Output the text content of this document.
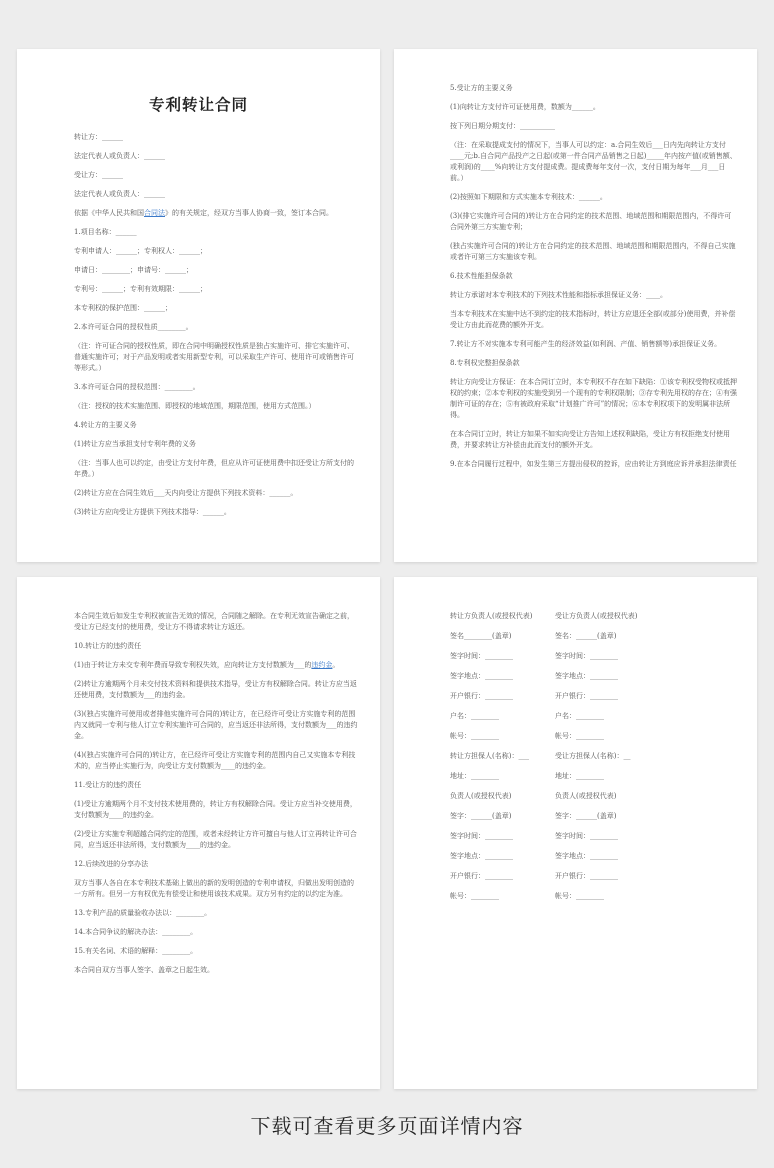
专利转让合同
转让方：______
法定代表人或负责人：______
受让方：______
法定代表人或负责人：______
依据《中华人民共和国合同法》的有关规定，经双方当事人协商一致，签订本合同。
1.项目名称：______
专利申请人：______；专利权人：______；
申请日：________；申请号：______；
专利号：______；专利有效期限：______；
本专利权的保护范围：______；
2.本许可证合同的授权性质________。
（注：许可证合同的授权性质，即在合同中明确授权性质是独占实施许可、排它实施许可、普通实施许可；对于产品发明或者实用新型专利，可以采取生产许可、使用许可或销售许可等形式。）
3.本许可证合同的授权范围：________。
（注：授权的技术实施范围、即授权的地域范围，期限范围，使用方式范围。）
4.转让方的主要义务
(1)转让方应当承担支付专利年费的义务
（注：当事人也可以约定，由受让方支付年费，但应从许可证使用费中扣还受让方所支付的年费。）
(2)转让方应在合同生效后___天内向受让方提供下列技术资料：______。
(3)转让方应向受让方提供下列技术指导：______。
5.受让方的主要义务
(1)向转让方支付许可证使用费，数额为______。
按下列日期分期支付：__________
（注：在采取提成支付的情况下，当事人可以约定：a.合同生效后___日内先向转让方支付____元;b.自合同产品投产之日起(或第一件合同产品销售之日起)_____年内按产值(或销售额、或利润)的____%向转让方支付提成费。提成费每年支付一次，支付日期为每年___月___日前。）
(2)按照如下期限和方式实施本专利技术：______。
(3)(排它实施许可合同的)转让方在合同约定的技术范围、地域范围和期限范围内，不得许可合同外第三方实施专利；
(独占实施许可合同的)转让方在合同约定的技术范围、地域范围和期限范围内，不得自己实施或者许可第三方实施该专利。
6.技术性能担保条款
转让方承诺对本专利技术的下列技术性能和指标承担保证义务：____。
当本专利技术在实施中达不到约定的技术指标时，转让方应退还全部(或部分)使用费，并补偿受让方由此而花费的额外开支。
7.转让方不对实施本专利可能产生的经济效益(如利润、产值、销售额等)承担保证义务。
8.专利权完整担保条款
转让方向受让方保证：在本合同订立时，本专利权不存在如下缺陷：①该专利权受物权或抵押权的约束；②本专利权的实施受到另一个现有的专利权限制；③存专利先用权的存在；④有强制许可证的存在；⑤有被政府采取“计划推广许可”的情况；⑥本专利权项下的发明属非法所得。
在本合同订立时，转让方如果不如实向受让方告知上述权利缺陷，受让方有权拒绝支付使用费，并要求转让方补偿由此而支付的额外开支。
9.在本合同履行过程中，如发生第三方提出侵权的控诉，应由转让方到庭应诉并承担法律责任
本合同生效后如发生专利权被宣告无效的情况，合同随之解除。在专利无效宣告确定之前，受让方已经支付的使用费，受让方不得请求转让方返还。
10.转让方的违约责任
(1)由于转让方未交专利年费而导致专利权失效，应向转让方支付数额为___的违约金。
(2)转让方逾期两个月未交付技术资料和提供技术指导，受让方有权解除合同。转让方应当返还使用费，支付数额为___的违约金。
(3)(独占实施许可使用或者排他实施许可合同的)转让方，在已经许可受让方实施专利的范围内又就同一专利与他人订立专利实施许可合同的，应当返还非法所得，支付数额为___的违约金。
(4)(独占实施许可合同的)转让方，在已经许可受让方实施专利的范围内自己又实施本专利技术的，应当停止实施行为，向受让方支付数额为____的违约金。
11.受让方的违约责任
(1)受让方逾期两个月不支付技术使用费的，转让方有权解除合同。受让方应当补交使用费，支付数额为____的违约金。
(2)受让方实施专利超越合同约定的范围，或者未经转让方许可擅自与他人订立再转让许可合同，应当返还非法所得，支付数额为____的违约金。
12.后续改进的分享办法
双方当事人各自在本专利技术基础上做出的新的发明创造的专利申请权，归做出发明创造的一方所有。但另一方有权优先有偿受让和使用该技术成果。双方另有约定的以约定为准。
13.专利产品的质量验收办法以：________。
14.本合同争议的解决办法：________。
15.有关名词、术语的解释：________。
本合同自双方当事人签字、盖章之日起生效。
转让方负责人(或授权代表)	受让方负责人(或授权代表)
签名________(盖章)	签名：______(盖章)
签字时间：________	签字时间：________
签字地点：________	签字地点：________
开户银行：________	开户银行：________
户名：________	户名：________
帐号：________	帐号：________
转让方担保人(名称)：___	受让方担保人(名称)：__
地址：________	地址：________
负责人(或授权代表)	负责人(或授权代表)
签字：______(盖章)	签字：______(盖章)
签字时间：________	签字时间：________
签字地点：________	签字地点：________
开户银行：________	开户银行：________
帐号：________	帐号：________
下载可查看更多页面详情内容
